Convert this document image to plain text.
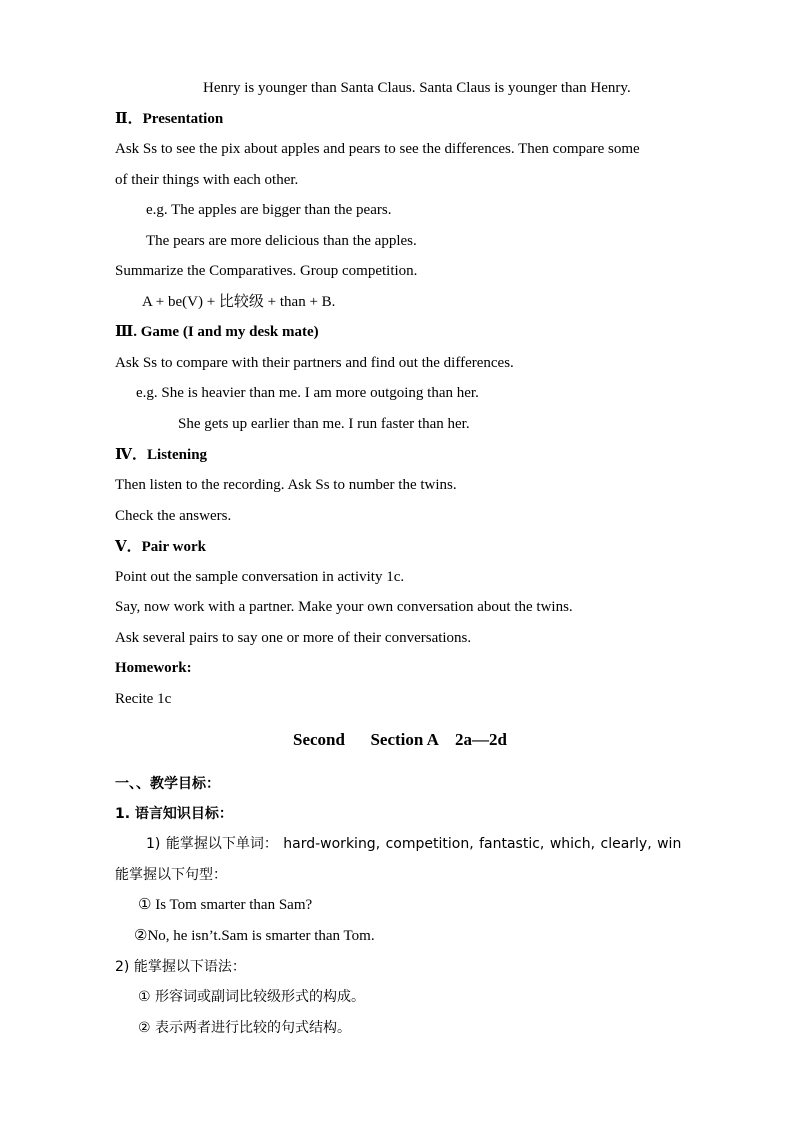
Henry is younger than Santa Claus. Santa Claus is younger than Henry.
Ⅱ．Presentation
Ask Ss to see the pix about apples and pears to see the differences. Then compare some
of their things with each other.
e.g. The apples are bigger than the pears.
The pears are more delicious than the apples.
Summarize the Comparatives. Group competition.
A + be(V) + 比较级 + than + B.
Ⅲ. Game (I and my desk mate)
Ask Ss to compare with their partners and find out the differences.
e.g. She is heavier than me. I am more outgoing than her.
She gets up earlier than me. I run faster than her.
Ⅳ．Listening
Then listen to the recording. Ask Ss to number the twins.
Check the answers.
Ⅴ．Pair work
Point out the sample conversation in activity 1c.
Say, now work with a partner. Make your own conversation about the twins.
Ask several pairs to say one or more of their conversations.
Homework:
Recite 1c
Second      Section A    2a—2d
一、、教学目标：
1. 语言知识目标：
1) 能掌握以下单词： hard-working, competition, fantastic, which, clearly, win
能掌握以下句型：
① Is Tom smarter than Sam?
②No, he isn’t.Sam is smarter than Tom.
2) 能掌握以下语法：
① 形容词或副词比较级形式的构成。
② 表示两者进行比较的句式结构。
